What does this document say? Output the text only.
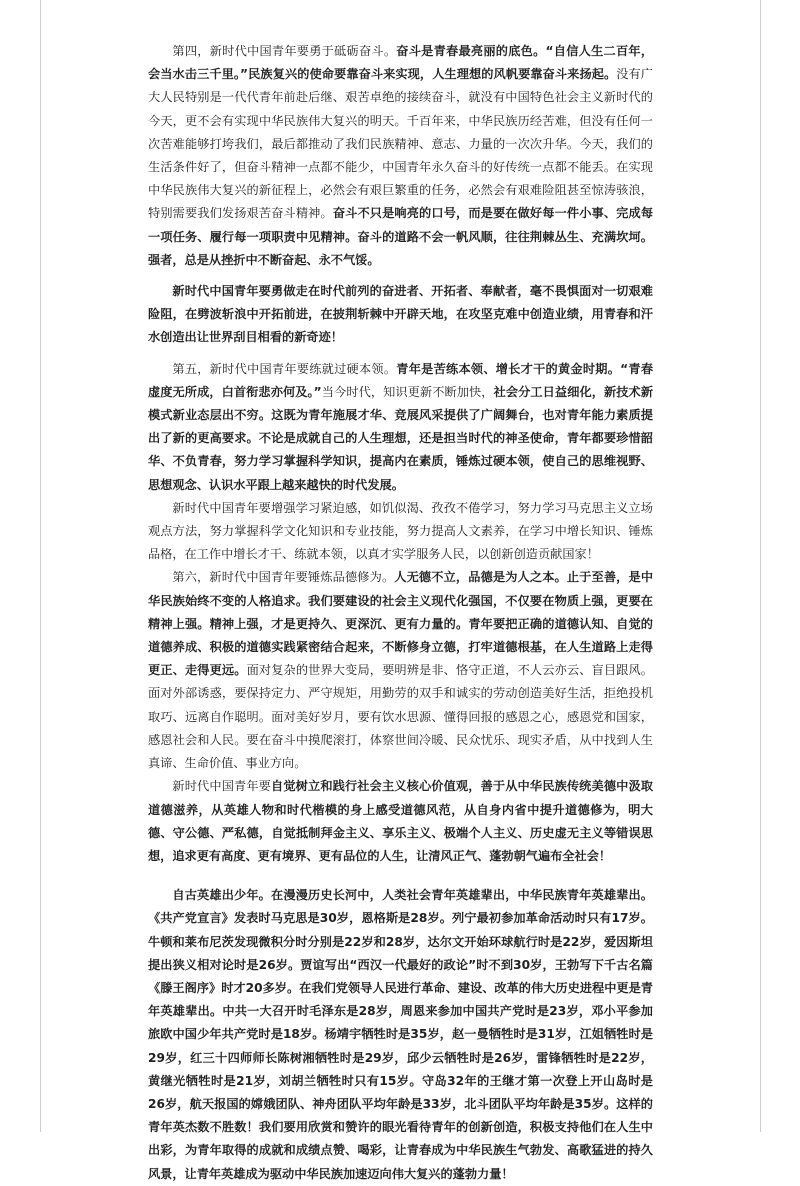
第四，新时代中国青年要勇于砥砺奋斗。奋斗是青春最亮丽的底色。“自信人生二百年，会当水击三千里。”民族复兴的使命要靠奋斗来实现，人生理想的风帆要靠奋斗来扬起。没有广大人民特别是一代代青年前赴后继、艰苦卓绝的接续奋斗，就没有中国特色社会主义新时代的今天，更不会有实现中华民族伟大复兴的明天。千百年来，中华民族历经苦难，但没有任何一次苦难能够打垮我们，最后都推动了我们民族精神、意志、力量的一次次升华。今天，我们的生活条件好了，但奋斗精神一点都不能少，中国青年永久奋斗的好传统一点都不能丢。在实现中华民族伟大复兴的新征程上，必然会有艰巨繁重的任务，必然会有艰难险阻甚至惊涛骇浪，特别需要我们发扬艰苦奋斗精神。奋斗不只是响亮的口号，而是要在做好每一件小事、完成每一项任务、履行每一项职责中见精神。奋斗的道路不会一帆风顺，往往荆棘丛生、充满坎坷。强者，总是从挫折中不断奋起、永不气馁。

新时代中国青年要勇做走在时代前列的奋进者、开拓者、奉献者，毫不畏惧面对一切艰难险阻，在劈波斩浪中开拓前进，在披荆斩棘中开辟天地，在攻坚克难中创造业绩，用青春和汗水创造出让世界刮目相看的新奇迹！

第五，新时代中国青年要练就过硬本领。青年是苦练本领、增长才干的黄金时期。“青春虚度无所成，白首衔悲亦何及。”当今时代，知识更新不断加快，社会分工日益细化，新技术新模式新业态层出不穷。这既为青年施展才华、竞展风采提供了广阔舞台，也对青年能力素质提出了新的更高要求。不论是成就自己的人生理想，还是担当时代的神圣使命，青年都要珍惜韶华、不负青春，努力学习掌握科学知识，提高内在素质，锤炼过硬本领，使自己的思维视野、思想观念、认识水平跟上越来越快的时代发展。

新时代中国青年要增强学习紧迫感，如饥似渴、孜孜不倦学习，努力学习马克思主义立场观点方法，努力掌握科学文化知识和专业技能，努力提高人文素养，在学习中增长知识、锤炼品格，在工作中增长才干、练就本领，以真才实学服务人民，以创新创造贡献国家！

第六，新时代中国青年要锤炼品德修为。人无德不立，品德是为人之本。止于至善，是中华民族始终不变的人格追求。我们要建设的社会主义现代化强国，不仅要在物质上强，更要在精神上强。精神上强，才是更持久、更深沉、更有力量的。青年要把正确的道德认知、自觉的道德养成、积极的道德实践紧密结合起来，不断修身立德，打牢道德根基，在人生道路上走得更正、走得更远。面对复杂的世界大变局，要明辨是非、恪守正道，不人云亦云、盲目跟风。面对外部诱惑，要保持定力、严守规矩，用勤劳的双手和诚实的劳动创造美好生活，拒绝投机取巧、远离自作聪明。面对美好岁月，要有饮水思源、懂得回报的感恩之心，感恩党和国家，感恩社会和人民。要在奋斗中摸爬滚打，体察世间冷暖、民众忧乐、现实矛盾，从中找到人生真谛、生命价值、事业方向。

新时代中国青年要自觉树立和践行社会主义核心价值观，善于从中华民族传统美德中汲取道德滋养，从英雄人物和时代楷模的身上感受道德风范，从自身内省中提升道德修为，明大德、守公德、严私德，自觉抵制拜金主义、享乐主义、极端个人主义、历史虚无主义等错误思想，追求更有高度、更有境界、更有品位的人生，让清风正气、蓬勃朝气遍布全社会！

自古英雄出少年。在漫漫历史长河中，人类社会青年英雄辈出，中华民族青年英雄辈出。《共产党宣言》发表时马克思是30岁，恩格斯是28岁。列宁最初参加革命活动时只有17岁。牛顿和莱布尼茨发现微积分时分别是22岁和28岁，达尔文开始环球航行时是22岁，爱因斯坦提出狭义相对论时是26岁。贾谊写出“西汉一代最好的政论”时不到30岁，王勃写下千古名篇《滕王阁序》时才20多岁。在我们党领导人民进行革命、建设、改革的伟大历史进程中更是青年英雄辈出。中共一大召开时毛泽东是28岁，周恩来参加中国共产党时是23岁，邓小平参加旅欧中国少年共产党时是18岁。杨靖宇牺牲时是35岁，赵一曼牺牲时是31岁，江姐牺牲时是29岁，红三十四师师长陈树湘牺牲时是29岁，邱少云牺牲时是26岁，雷锋牺牲时是22岁，黄继光牺牲时是21岁，刘胡兰牺牲时只有15岁。守岛32年的王继才第一次登上开山岛时是26岁，航天报国的嫦娥团队、神舟团队平均年龄是33岁，北斗团队平均年龄是35岁。这样的青年英杰数不胜数！我们要用欣赏和赞许的眼光看待青年的创新创造，积极支持他们在人生中出彩，为青年取得的成就和成绩点赞、喝彩，让青春成为中华民族生气勃发、高歌猛进的持久风景，让青年英雄成为驱动中华民族加速迈向伟大复兴的蓬勃力量！
